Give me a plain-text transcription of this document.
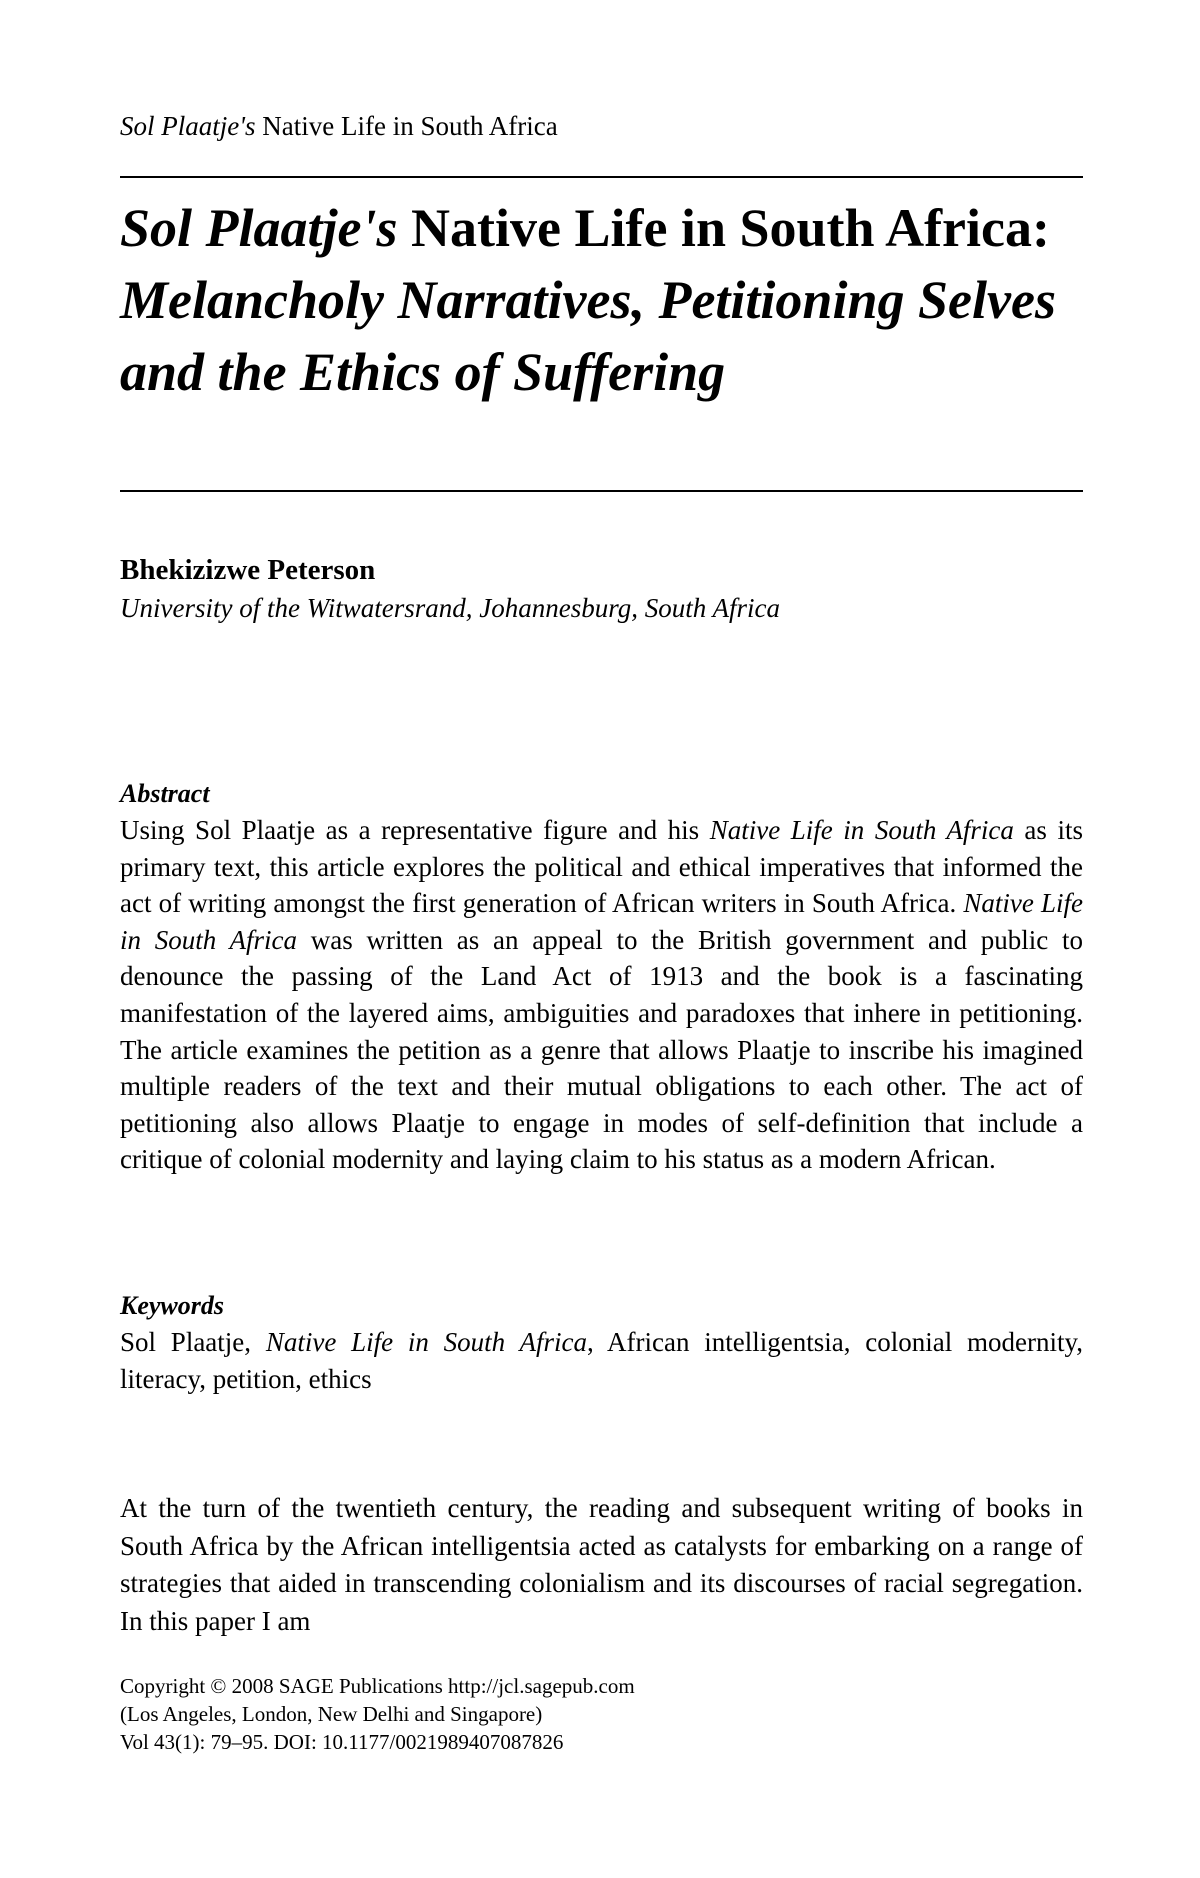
Sol Plaatje's Native Life in South Africa
Sol Plaatje's Native Life in South Africa: Melancholy Narratives, Petitioning Selves and the Ethics of Suffering
Bhekizizwe Peterson
University of the Witwatersrand, Johannesburg, South Africa
Abstract

Using Sol Plaatje as a representative figure and his Native Life in South Africa as its primary text, this article explores the political and ethical imperatives that informed the act of writing amongst the first generation of African writers in South Africa. Native Life in South Africa was written as an appeal to the British government and public to denounce the passing of the Land Act of 1913 and the book is a fascinating manifestation of the layered aims, ambiguities and paradoxes that inhere in petitioning. The article examines the petition as a genre that allows Plaatje to inscribe his imagined multiple readers of the text and their mutual obligations to each other. The act of petitioning also allows Plaatje to engage in modes of self-definition that include a critique of colonial modernity and laying claim to his status as a modern African.

Keywords

Sol Plaatje, Native Life in South Africa, African intelligentsia, colonial modernity, literacy, petition, ethics

At the turn of the twentieth century, the reading and subsequent writing of books in South Africa by the African intelligentsia acted as catalysts for embarking on a range of strategies that aided in transcending colonialism and its discourses of racial segregation. In this paper I am

Copyright © 2008 SAGE Publications http://jcl.sagepub.com
(Los Angeles, London, New Delhi and Singapore)
Vol 43(1): 79–95. DOI: 10.1177/0021989407087826
